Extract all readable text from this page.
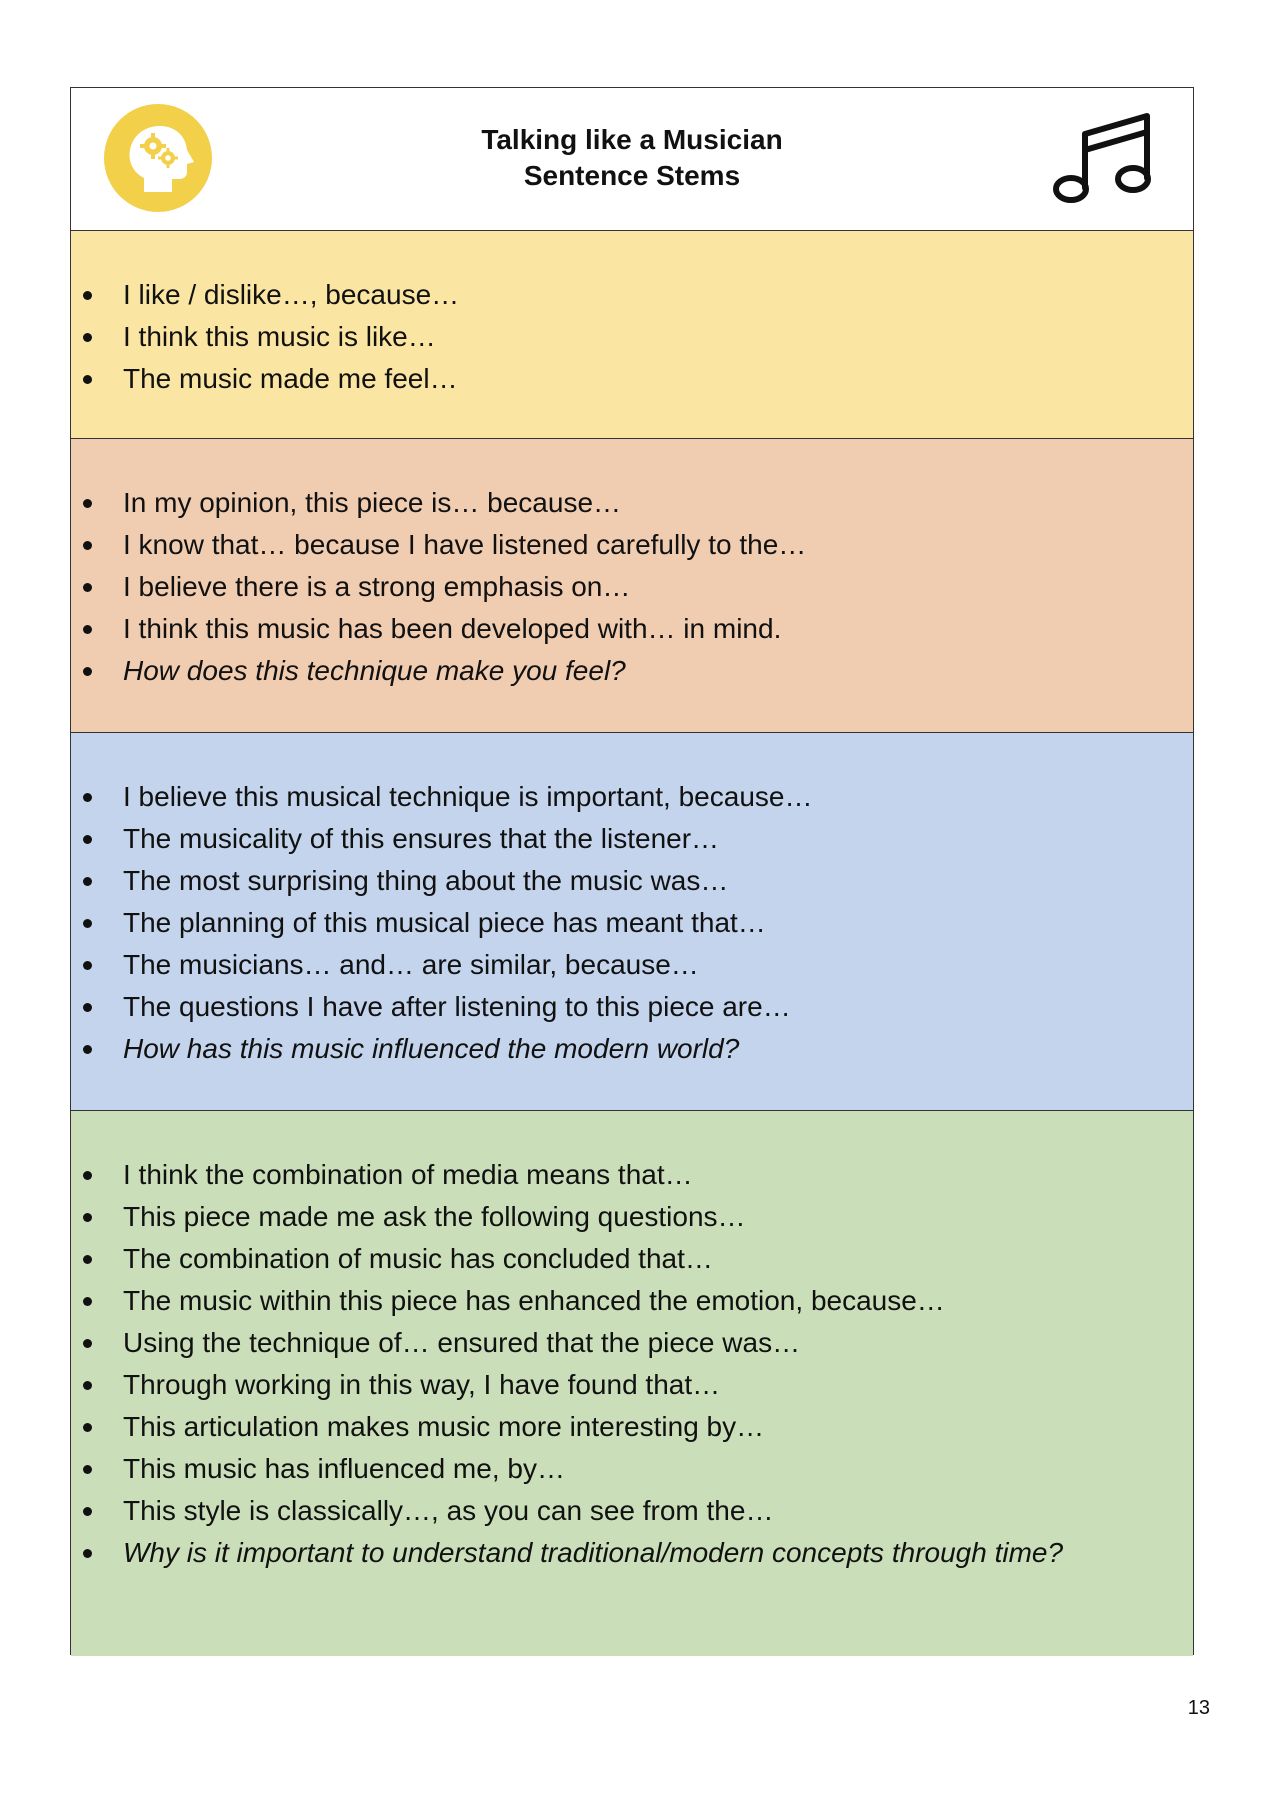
Talking like a Musician
Sentence Stems
I like / dislike…, because…
I think this music is like…
The music made me feel…
In my opinion, this piece is… because…
I know that… because I have listened carefully to the…
I believe there is a strong emphasis on…
I think this music has been developed with… in mind.
How does this technique make you feel?
I believe this musical technique is important, because…
The musicality of this ensures that the listener…
The most surprising thing about the music was…
The planning of this musical piece has meant that…
The musicians… and… are similar, because…
The questions I have after listening to this piece are…
How has this music influenced the modern world?
I think the combination of media means that…
This piece made me ask the following questions…
The combination of music has concluded that…
The music within this piece has enhanced the emotion, because…
Using the technique of… ensured that the piece was…
Through working in this way, I have found that…
This articulation makes music more interesting by…
This music has influenced me, by…
This style is classically…, as you can see from the…
Why is it important to understand traditional/modern concepts through time?
13
